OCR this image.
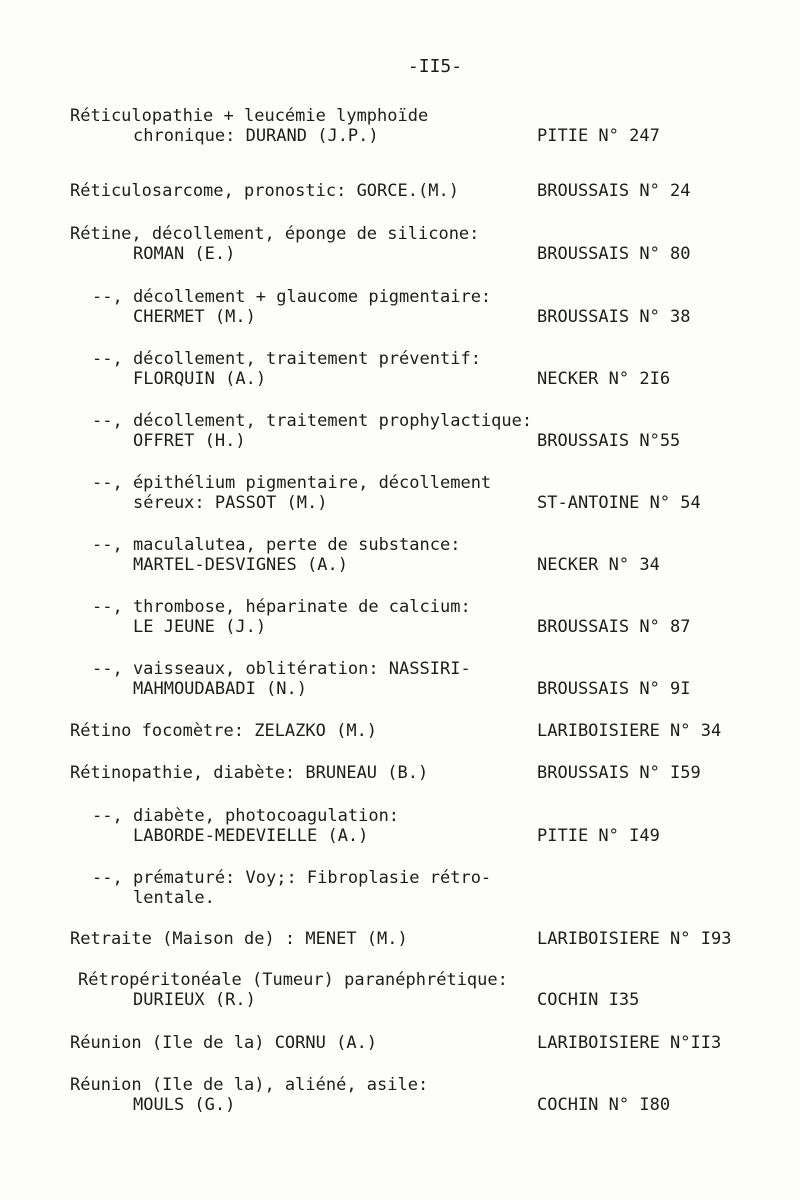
-II5-
Réticulopathie + leucémie lymphoïde
chronique: DURAND (J.P.)	PITIE N° 247
Réticulosarcome, pronostic: GORCE.(M.)	BROUSSAIS N° 24
Rétine, décollement, éponge de silicone:
ROMAN (E.)	BROUSSAIS N° 80
--, décollement + glaucome pigmentaire:
CHERMET (M.)	BROUSSAIS N° 38
--, décollement, traitement préventif:
FLORQUIN (A.)	NECKER N° 2I6
--, décollement, traitement prophylactique:
OFFRET (H.)	BROUSSAIS N°55
--, épithélium pigmentaire, décollement
séreux: PASSOT (M.)	ST-ANTOINE N° 54
--, maculalutea, perte de substance:
MARTEL-DESVIGNES (A.)	NECKER N° 34
--, thrombose, héparinate de calcium:
LE JEUNE (J.)	BROUSSAIS N° 87
--, vaisseaux, oblitération: NASSIRI-
MAHMOUDABADI (N.)	BROUSSAIS N° 9I
Rétino focomètre: ZELAZKO (M.)	LARIBOISIERE N° 34
Rétinopathie, diabète: BRUNEAU (B.)	BROUSSAIS N° I59
--, diabète, photocoagulation:
LABORDE-MEDEVIELLE (A.)	PITIE N° I49
--, prématuré: Voy;: Fibroplasie rétro-
lentale.
Retraite (Maison de) : MENET (M.)	LARIBOISIERE N° I93
Rétropéritonéale (Tumeur) paranéphrétique:
DURIEUX (R.)	COCHIN I35
Réunion (Ile de la) CORNU (A.)	LARIBOISIERE N°II3
Réunion (Ile de la), aliéné, asile:
MOULS (G.)	COCHIN N° I80
